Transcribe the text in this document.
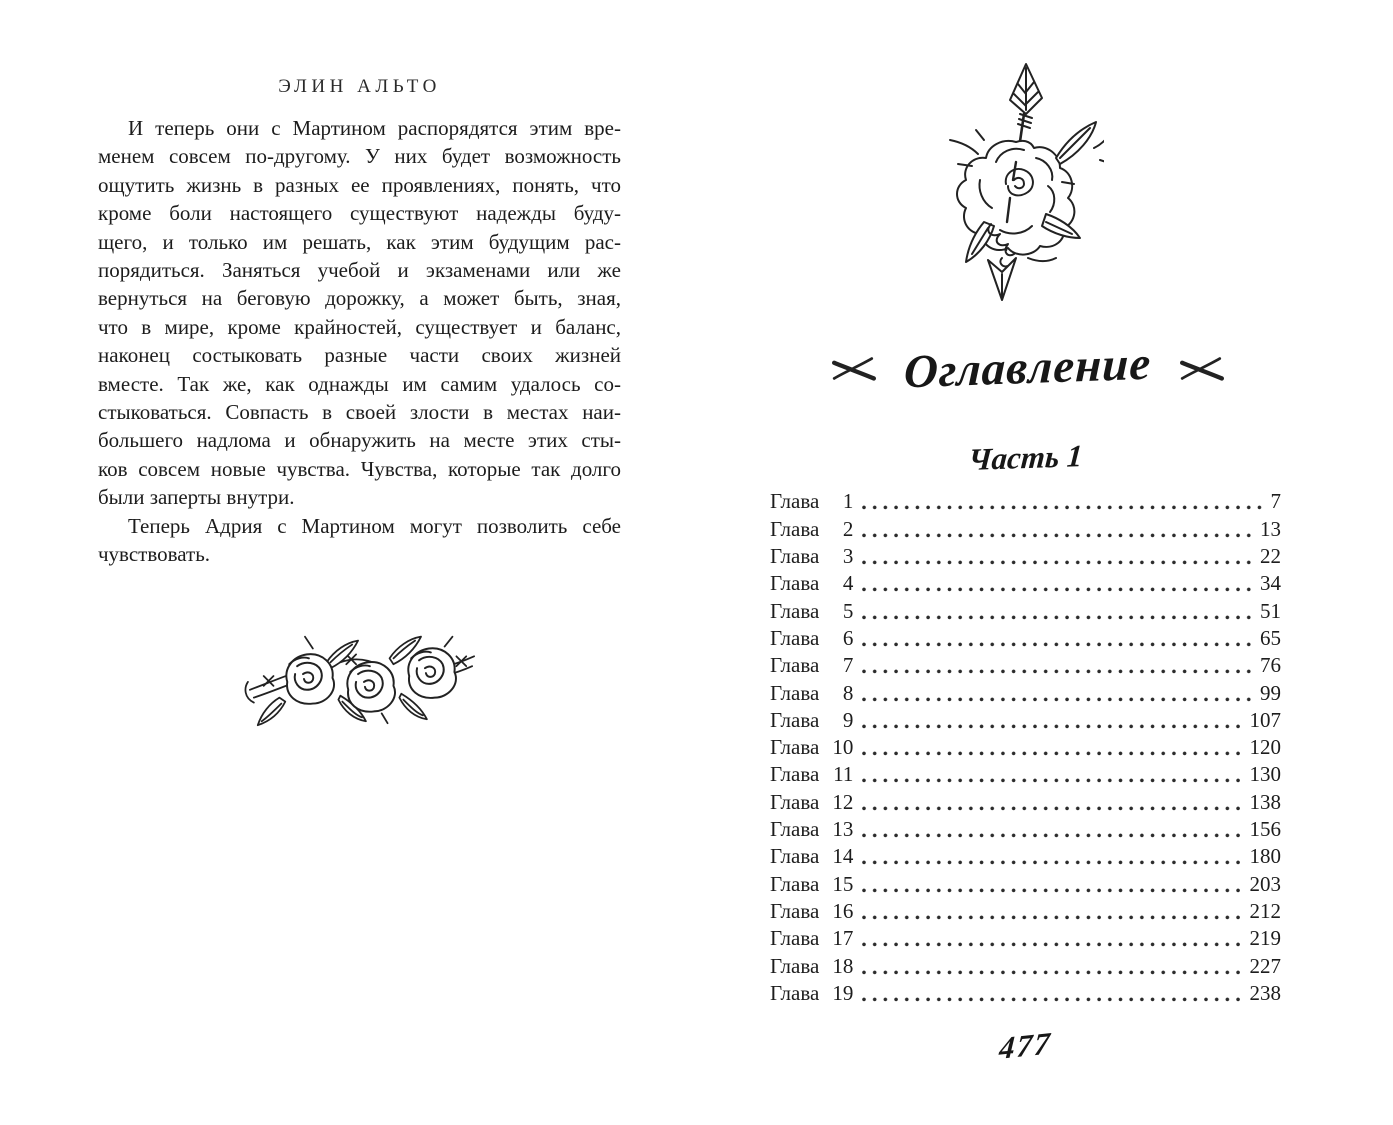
ЭЛИН АЛЬТО
И теперь они с Мартином распорядятся этим вре-
менем совсем по-другому. У них будет возможность
ощутить жизнь в разных ее проявлениях, понять, что
кроме боли настоящего существуют надежды буду-
щего, и только им решать, как этим будущим рас-
порядиться. Заняться учебой и экзаменами или же
вернуться на беговую дорожку, а может быть, зная,
что в мире, кроме крайностей, существует и баланс,
наконец состыковать разные части своих жизней
вместе. Так же, как однажды им самим удалось со-
стыковаться. Совпасть в своей злости в местах наи-
большего надлома и обнаружить на месте этих сты-
ков совсем новые чувства. Чувства, которые так долго
были заперты внутри.
Теперь Адрия с Мартином могут позволить себе
чувствовать.
Оглавление
Часть 1
Глава	1	7
Глава	2	13
Глава	3	22
Глава	4	34
Глава	5	51
Глава	6	65
Глава	7	76
Глава	8	99
Глава	9	107
Глава 10	120
Глава 11	130
Глава 12	138
Глава 13	156
Глава 14	180
Глава 15	203
Глава 16	212
Глава 17	219
Глава 18	227
Глава 19	238
477
